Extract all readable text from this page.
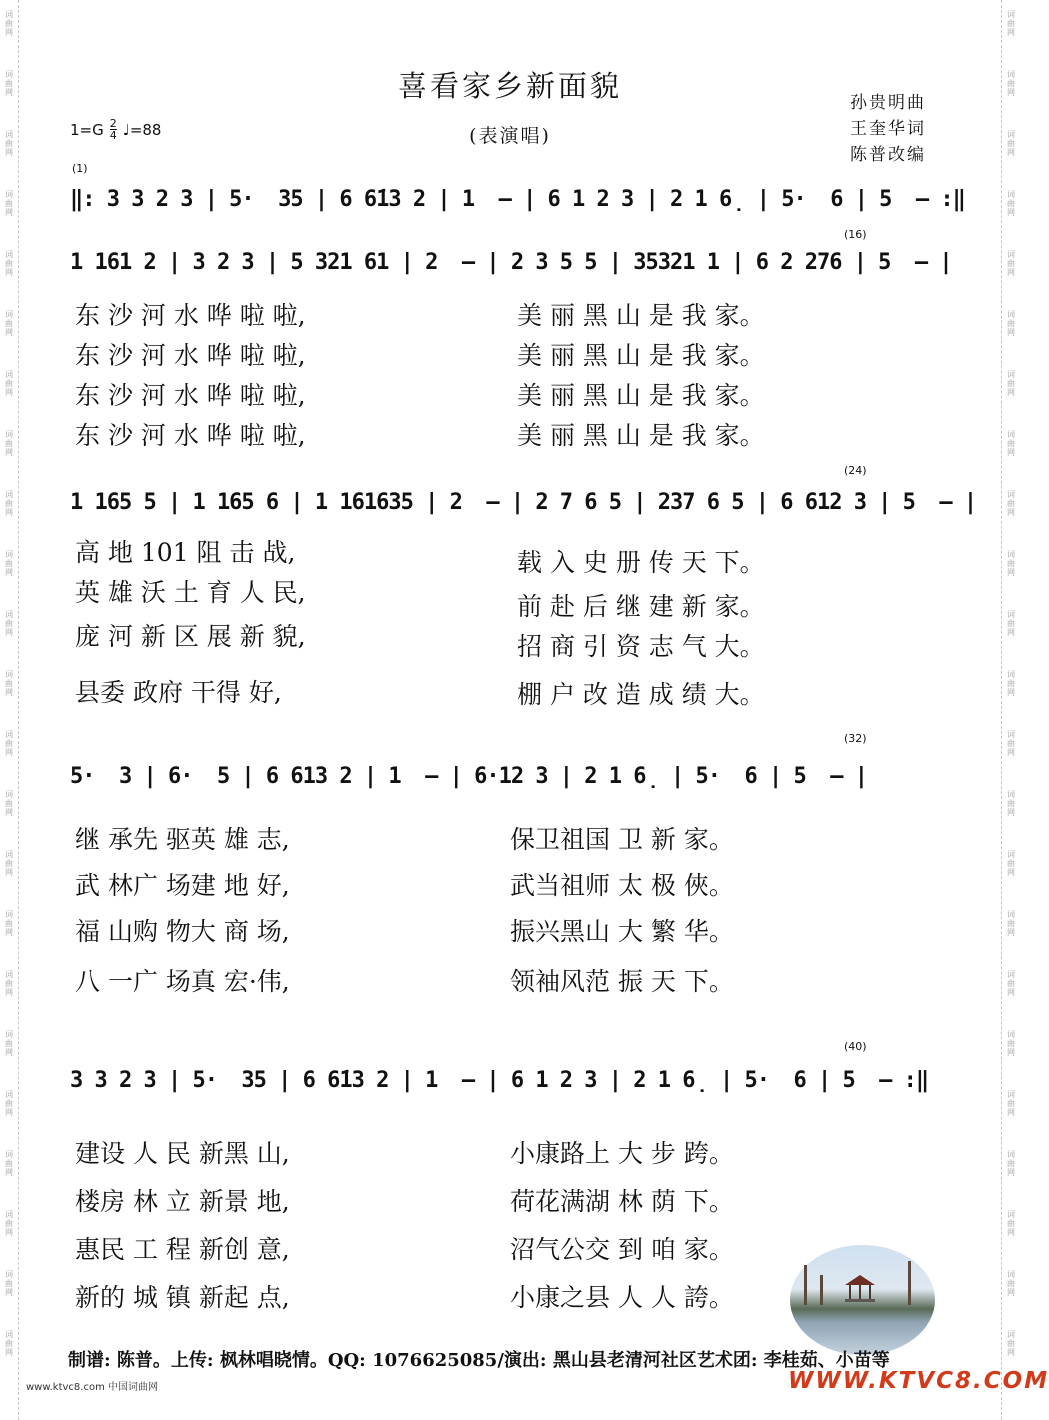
词曲网
词曲网
词曲网
词曲网
词曲网
词曲网
词曲网
词曲网
词曲网
词曲网
词曲网
词曲网
词曲网
词曲网
词曲网
词曲网
词曲网
词曲网
词曲网
词曲网
词曲网
词曲网
词曲网
词曲网
词曲网
词曲网
词曲网
词曲网
词曲网
词曲网
词曲网
词曲网
词曲网
词曲网
词曲网
词曲网
词曲网
词曲网
词曲网
词曲网
词曲网
词曲网
词曲网
词曲网
词曲网
词曲网
喜看家乡新面貌
(表演唱)
孙贵明曲
王奎华词
陈普改编
$1=G \frac{2}{4}$ ♩=88
(1)
(16)
(24)
(32)
(40)
‖: 3 3 2 3 | 5·  35 | 6 6̇13 2 | 1  – | 6 1 2 3 | 2 1 6̣ | 5·  6 | 5  – :‖
1 161 2 | 3 2 3 | 5 321 61 | 2  – | 2 3 5 5 | 35321 1 | 6 2 276 | 5  – |
1 165 5 | 1 165 6 | 1 161635 | 2  – | 2 7 6 5 | 237 6 5 | 6 612 3 | 5  – |
5·  3 | 6·  5 | 6 613 2 | 1  – | 6·12 3 | 2 1 6̣ | 5·  6 | 5  – |
3 3 2 3 | 5·  35 | 6 6̇13 2 | 1  – | 6 1 2 3 | 2 1 6̣ | 5·  6 | 5  – :‖
东 沙 河 水 哗 啦 啦,
东 沙 河 水 哗 啦 啦,
东 沙 河 水 哗 啦 啦,
东 沙 河 水 哗 啦 啦,
美 丽 黑 山 是 我 家。
美 丽 黑 山 是 我 家。
美 丽 黑 山 是 我 家。
美 丽 黑 山 是 我 家。
高 地 101 阻 击 战,
英 雄 沃 土 育 人 民,
庞 河 新 区 展 新 貌,
县委 政府 干得 好,
载 入 史 册 传 天 下。
前 赴 后 继 建 新 家。
招 商 引 资 志 气 大。
棚 户 改 造 成 绩 大。
继 承先 驱英 雄 志,
武 林广 场建 地 好,
福 山购 物大 商 场,
八 一广 场真 宏·伟,
保卫祖国 卫 新 家。
武当祖师 太 极 俠。
振兴黑山 大 繁 华。
领袖风范 振 天 下。
建设 人 民 新黑 山,
楼房 林 立 新景 地,
惠民 工 程 新创 意,
新的 城 镇 新起 点,
小康路上 大 步 跨。
荷花满湖 林 荫 下。
沼气公交 到 咱 家。
小康之县 人 人 誇。
制谱: 陈普。上传: 枫林唱晓情。QQ: 1076625085/演出: 黑山县老清河社区艺术团: 李桂茹、小苗等
www.ktvc8.com 中国词曲网	WWW.KTVC8.COM
